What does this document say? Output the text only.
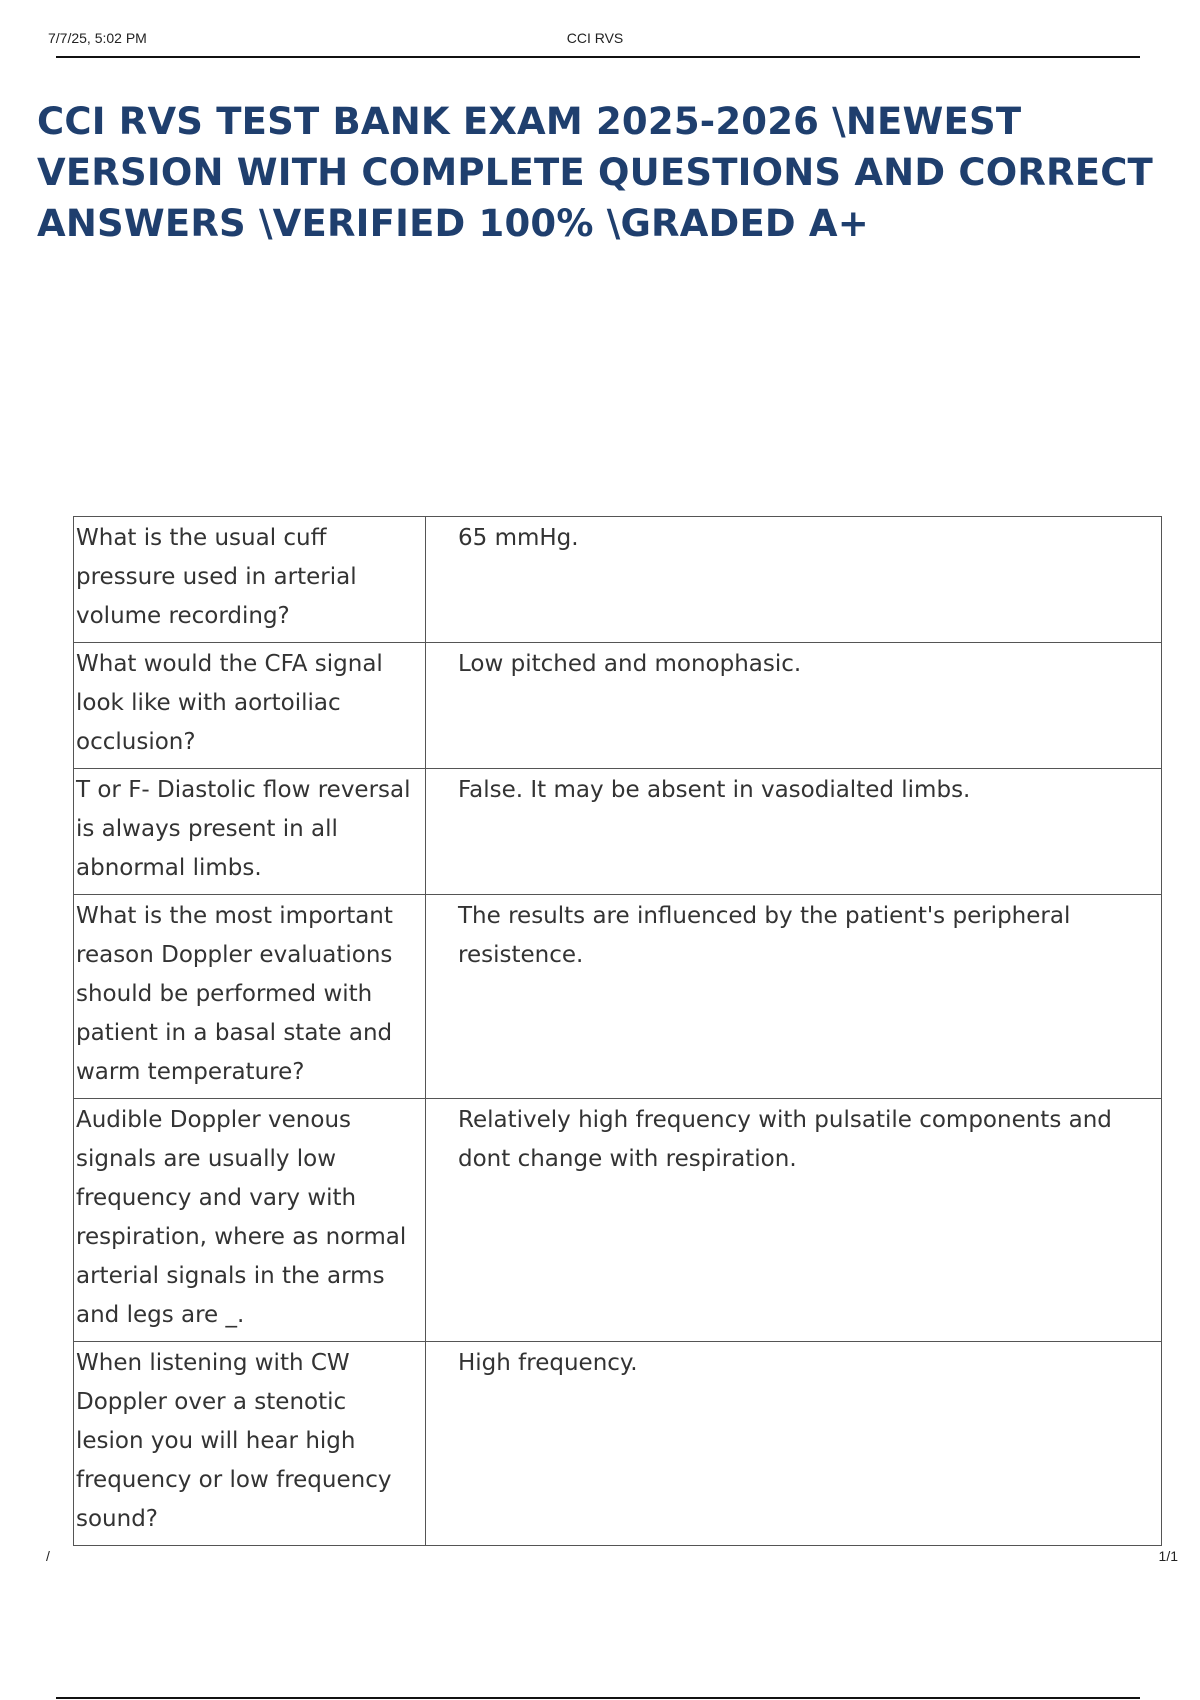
7/7/25, 5:02 PM	CCI RVS
CCI RVS TEST BANK EXAM 2025-2026 \NEWEST VERSION WITH COMPLETE QUESTIONS AND CORRECT ANSWERS \VERIFIED 100% \GRADED A+
What is the usual cuff pressure used in arterial volume recording?	65 mmHg.
What would the CFA signal look like with aortoiliac occlusion?	Low pitched and monophasic.
T or F- Diastolic flow reversal is always present in all abnormal limbs.	False. It may be absent in vasodialted limbs.
What is the most important reason Doppler evaluations should be performed with patient in a basal state and warm temperature?	The results are influenced by the patient's peripheral resistence.
Audible Doppler venous signals are usually low frequency and vary with respiration, where as normal arterial signals in the arms and legs are _.	Relatively high frequency with pulsatile components and dont change with respiration.
When listening with CW Doppler over a stenotic lesion you will hear high frequency or low frequency sound?	High frequency.
/	1/1
